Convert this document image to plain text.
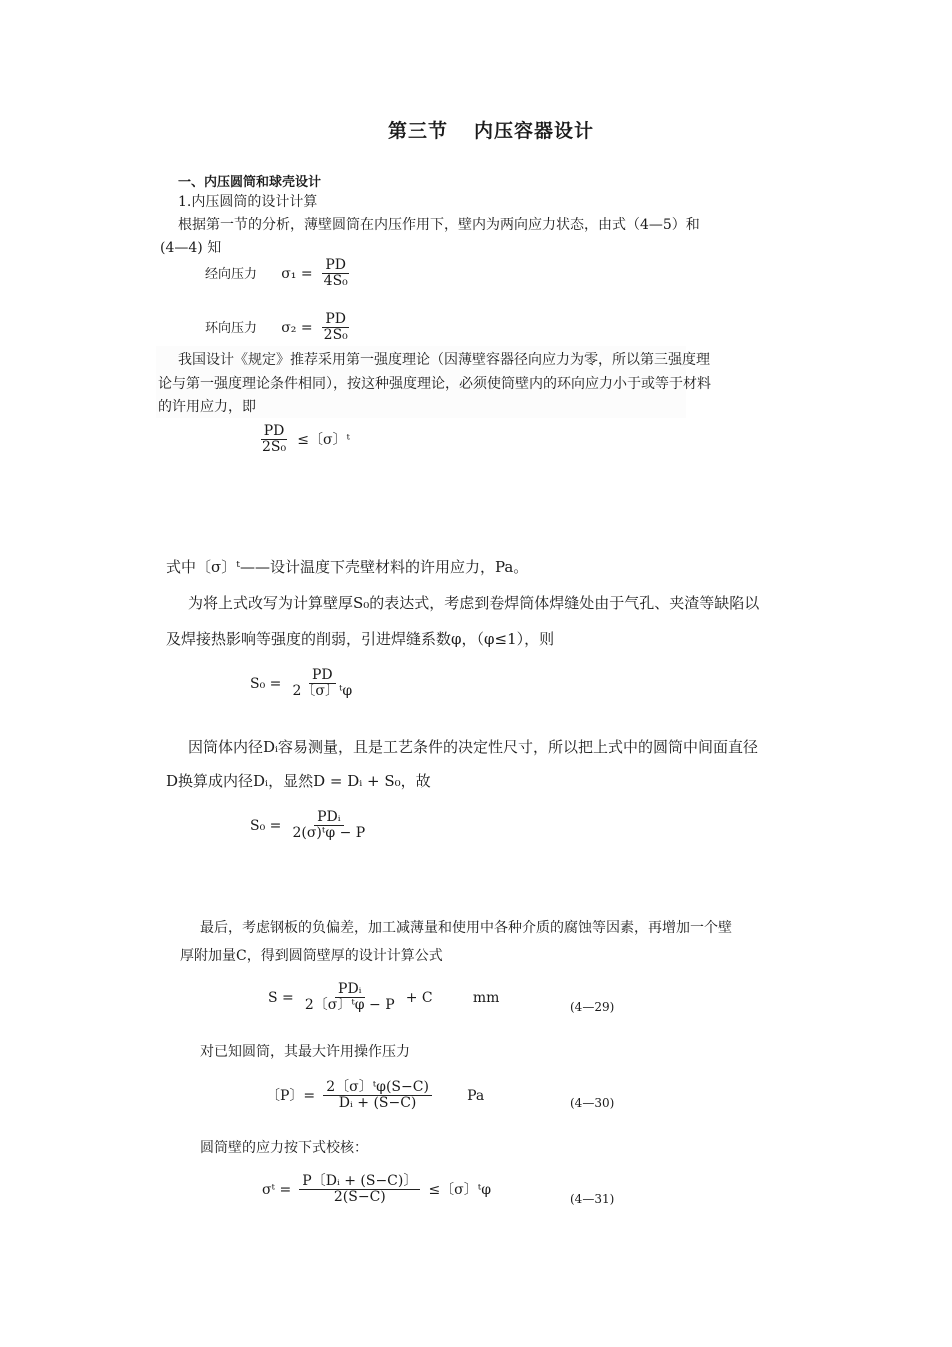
第三节 内压容器设计
一、内压圆筒和球壳设计
1.内压圆筒的设计计算
根据第一节的分析，薄壁圆筒在内压作用下，壁内为两向应力状态，由式（4—5）和
(4—4) 知
经向压力 $\sigma_1 = \frac{PD}{\text{4S₀}}$
环向压力 $\sigma_2 = \frac{PD}{\text{2S₀}}$
我国设计《规定》推荐采用第一强度理论（因薄壁容器径向应力为零，所以第三强度理
论与第一强度理论条件相同），按这种强度理论，必须使筒壁内的环向应力小于或等于材料
的许用应力，即
$\frac{PD}{\text{2S₀}}$ ≤〔σ〕ᵗ
式中〔σ〕ᵗ——设计温度下壳壁材料的许用应力，Pa。
为将上式改写为计算壁厚S₀的表达式，考虑到卷焊筒体焊缝处由于气孔、夹渣等缺陷以
及焊接热影响等强度的削弱，引进焊缝系数φ，（φ≤1），则
$S_0 = \frac{PD}{\text{2〔σ〕ᵗφ}}$
因筒体内径Dᵢ容易测量，且是工艺条件的决定性尺寸，所以把上式中的圆筒中间面直径
D换算成内径Dᵢ，显然D = Dᵢ + S₀，故
$S_0 = \frac{\text{PDᵢ}}{\text{2(σ)ᵗφ − P}}$
最后，考虑钢板的负偏差，加工减薄量和使用中各种介质的腐蚀等因素，再增加一个壁
厚附加量C，得到圆筒壁厚的设计计算公式
$S = \frac{\text{PDᵢ}}{\text{2〔σ〕ᵗφ − P}} + C$	mm
(4—29)
对已知圆筒，其最大许用操作压力
〔P〕= $\frac{\text{2〔σ〕ᵗφ(S−C)}}{\text{Dᵢ + (S−C)}}$	Pa	(4—30)
圆筒壁的应力按下式校核：
σᵗ = $\frac{\text{P〔Dᵢ + (S−C)〕}}{2(S-C)}$ ≤〔σ〕ᵗφ
(4—31)
